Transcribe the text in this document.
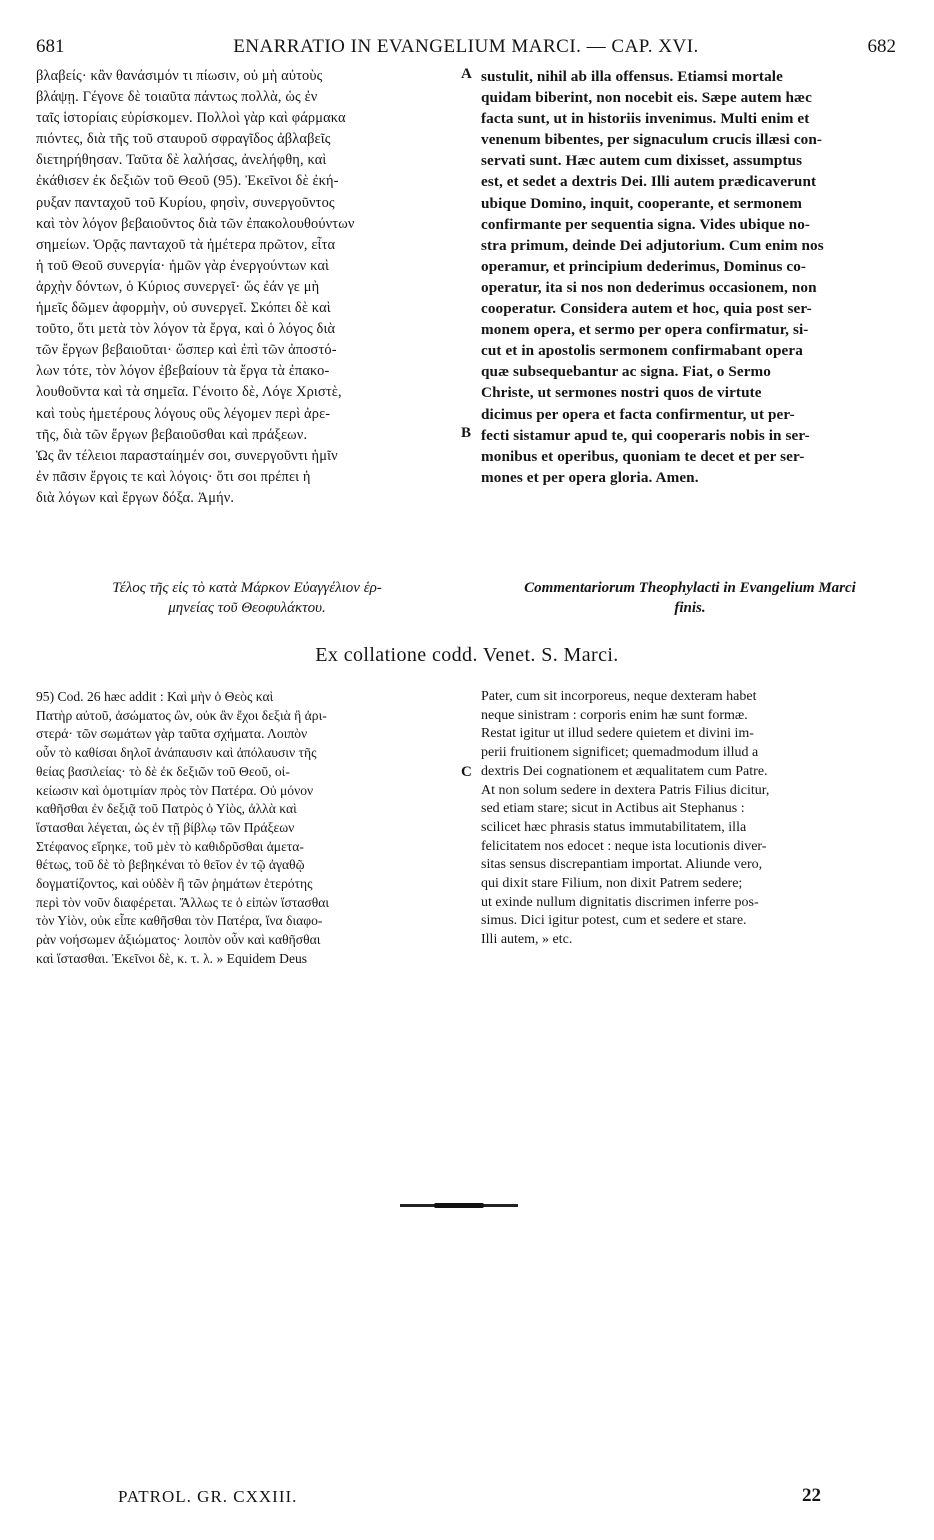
ENARRATIO IN EVANGELIUM MARCI. — CAP. XVI.
681	682
βλαβείς· κἂν θανάσιμόν τι πίωσιν, οὐ μὴ αὐτοὺς
βλάψῃ. Γέγονε δὲ τοιαῦτα πάντως πολλὰ, ὡς ἐν
ταῖς ἱστορίαις εὑρίσκομεν. Πολλοὶ γὰρ καὶ φάρμακα
πιόντες, διὰ τῆς τοῦ σταυροῦ σφραγῖδος ἀβλαβεῖς
διετηρήθησαν. Ταῦτα δὲ λαλήσας, ἀνελήφθη, καὶ
ἐκάθισεν ἐκ δεξιῶν τοῦ Θεοῦ (95). Ἐκεῖνοι δὲ ἐκή-
ρυξαν πανταχοῦ τοῦ Κυρίου, φησὶν, συνεργοῦντος
καὶ τὸν λόγον βεβαιοῦντος διὰ τῶν ἐπακολουθούντων
σημείων. Ὁρᾷς πανταχοῦ τὰ ἡμέτερα πρῶτον, εἶτα
ἡ τοῦ Θεοῦ συνεργία· ἡμῶν γὰρ ἐνεργούντων καὶ
ἀρχὴν δόντων, ὁ Κύριος συνεργεῖ· ὥς ἐάν γε μὴ
ἡμεῖς δῶμεν ἀφορμὴν, οὐ συνεργεῖ. Σκόπει δὲ καὶ
τοῦτο, ὅτι μετὰ τὸν λόγον τὰ ἔργα, καὶ ὁ λόγος διὰ
τῶν ἔργων βεβαιοῦται· ὥσπερ καὶ ἐπὶ τῶν ἀποστό-
λων τότε, τὸν λόγον ἐβεβαίουν τὰ ἔργα τὰ ἐπακο-
λουθοῦντα καὶ τὰ σημεῖα. Γένοιτο δὲ, Λόγε Χριστὲ,
καὶ τοὺς ἡμετέρους λόγους οὓς λέγομεν περὶ ἀρε-
τῆς, διὰ τῶν ἔργων βεβαιοῦσθαι καὶ πράξεων.
Ὡς ἂν τέλειοι παρασταίημέν σοι, συνεργοῦντι ἡμῖν
ἐν πᾶσιν ἔργοις τε καὶ λόγοις· ὅτι σοι πρέπει ἡ
διὰ λόγων καὶ ἔργων δόξα. Ἀμήν.
sustulit, nihil ab illa offensus. Etiamsi mortale
quidam biberint, non nocebit eis. Sæpe autem hæc
facta sunt, ut in historiis invenimus. Multi enim et
venenum bibentes, per signaculum crucis illæsi con-
servati sunt. Hæc autem cum dixisset, assumptus
est, et sedet a dextris Dei. Illi autem prædicaverunt
ubique Domino, inquit, cooperante, et sermonem
confirmante per sequentia signa. Vides ubique no-
stra primum, deinde Dei adjutorium. Cum enim nos
operamur, et principium dederimus, Dominus co-
operatur, ita si nos non dederimus occasionem, non
cooperatur. Considera autem et hoc, quia post ser-
monem opera, et sermo per opera confirmatur, si-
cut et in apostolis sermonem confirmabant opera
quæ subsequebantur ac signa. Fiat, o Sermo
Christe, ut sermones nostri quos de virtute
dicimus per opera et facta confirmentur, ut per-
fecti sistamur apud te, qui cooperaris nobis in ser-
monibus et operibus, quoniam te decet et per ser-
mones et per opera gloria. Amen.
A
B
C
Τέλος τῆς εἰς τὸ κατὰ Μάρκον Εὐαγγέλιον ἑρ-
μηνείας τοῦ Θεοφυλάκτου.
Commentariorum Theophylacti in Evangelium Marci
finis.
Ex collatione codd. Venet. S. Marci.
95) Cod. 26 hæc addit : Καὶ μὴν ὁ Θεὸς καὶ
Πατὴρ αὐτοῦ, ἀσώματος ὢν, οὐκ ἂν ἔχοι δεξιὰ ἢ ἀρι-
στερά· τῶν σωμάτων γὰρ ταῦτα σχήματα. Λοιπὸν
οὖν τὸ καθίσαι δηλοῖ ἀνάπαυσιν καὶ ἀπόλαυσιν τῆς
θείας βασιλείας· τὸ δὲ ἐκ δεξιῶν τοῦ Θεοῦ, οἰ-
κείωσιν καὶ ὁμοτιμίαν πρὸς τὸν Πατέρα. Οὐ μόνον
καθῆσθαι ἐν δεξιᾷ τοῦ Πατρὸς ὁ Υἱὸς, ἀλλὰ καὶ
ἵστασθαι λέγεται, ὡς ἐν τῇ βίβλῳ τῶν Πράξεων
Στέφανος εἴρηκε, τοῦ μὲν τὸ καθιδρῦσθαι ἀμετα-
θέτως, τοῦ δὲ τὸ βεβηκέναι τὸ θεῖον ἐν τῷ ἀγαθῷ
δογματίζοντος, καὶ οὐδὲν ἢ τῶν ῥημάτων ἑτερότης
περὶ τὸν νοῦν διαφέρεται. Ἄλλως τε ὁ εἰπὼν ἵστασθαι
τὸν Υἱὸν, οὐκ εἶπε καθῆσθαι τὸν Πατέρα, ἵνα διαφο-
ρὰν νοήσωμεν ἀξιώματος· λοιπὸν οὖν καὶ καθῆσθαι
καὶ ἵστασθαι. Ἐκεῖνοι δὲ, κ. τ. λ. » Equidem Deus
Pater, cum sit incorporeus, neque dexteram habet
neque sinistram : corporis enim hæ sunt formæ.
Restat igitur ut illud sedere quietem et divini im-
perii fruitionem significet; quemadmodum illud a
dextris Dei cognationem et æqualitatem cum Patre.
At non solum sedere in dextera Patris Filius dicitur,
sed etiam stare; sicut in Actibus ait Stephanus :
scilicet hæc phrasis status immutabilitatem, illa
felicitatem nos edocet : neque ista locutionis diver-
sitas sensus discrepantiam importat. Aliunde vero,
qui dixit stare Filium, non dixit Patrem sedere;
ut exinde nullum dignitatis discrimen inferre pos-
simus. Dici igitur potest, cum et sedere et stare.
Illi autem, » etc.
PATROL. GR. CXXIII.	22
